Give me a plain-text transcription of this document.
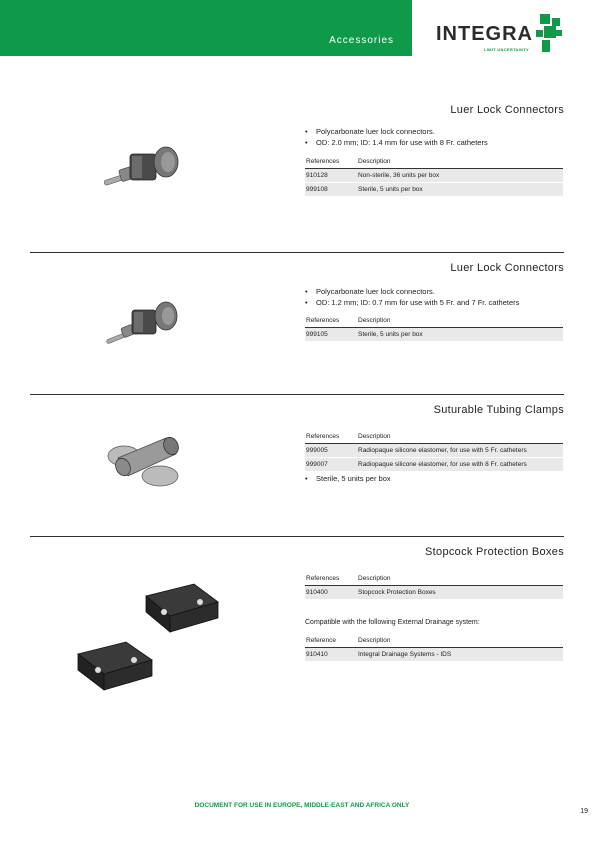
Accessories INTEGRA
LIMIT UNCERTAINTY
Luer Lock Connectors
• Polycarbonate luer lock connectors.
• OD: 2.0 mm; ID: 1.4 mm for use with 8 Fr. catheters
References	Description
910128	Non-sterile, 36 units per box
999108	Sterile, 5 units per box
Luer Lock Connectors
• Polycarbonate luer lock connectors.
• OD: 1.2 mm; ID: 0.7 mm for use with 5 Fr. and 7 Fr. catheters
References	Description
999105	Sterile, 5 units per box
Suturable Tubing Clamps
References	Description
999005	Radiopaque silicone elastomer, for use with 5 Fr. catheters
999007	Radiopaque silicone elastomer, for use with 8 Fr. catheters
• Sterile, 5 units per box
Stopcock Protection Boxes
References	Description
910400	Stopcock Protection Boxes
Compatible with the following External Drainage system:
Reference	Description
910410	Integral Drainage Systems - IDS
DOCUMENT FOR USE IN EUROPE, MIDDLE-EAST AND AFRICA ONLY
19
